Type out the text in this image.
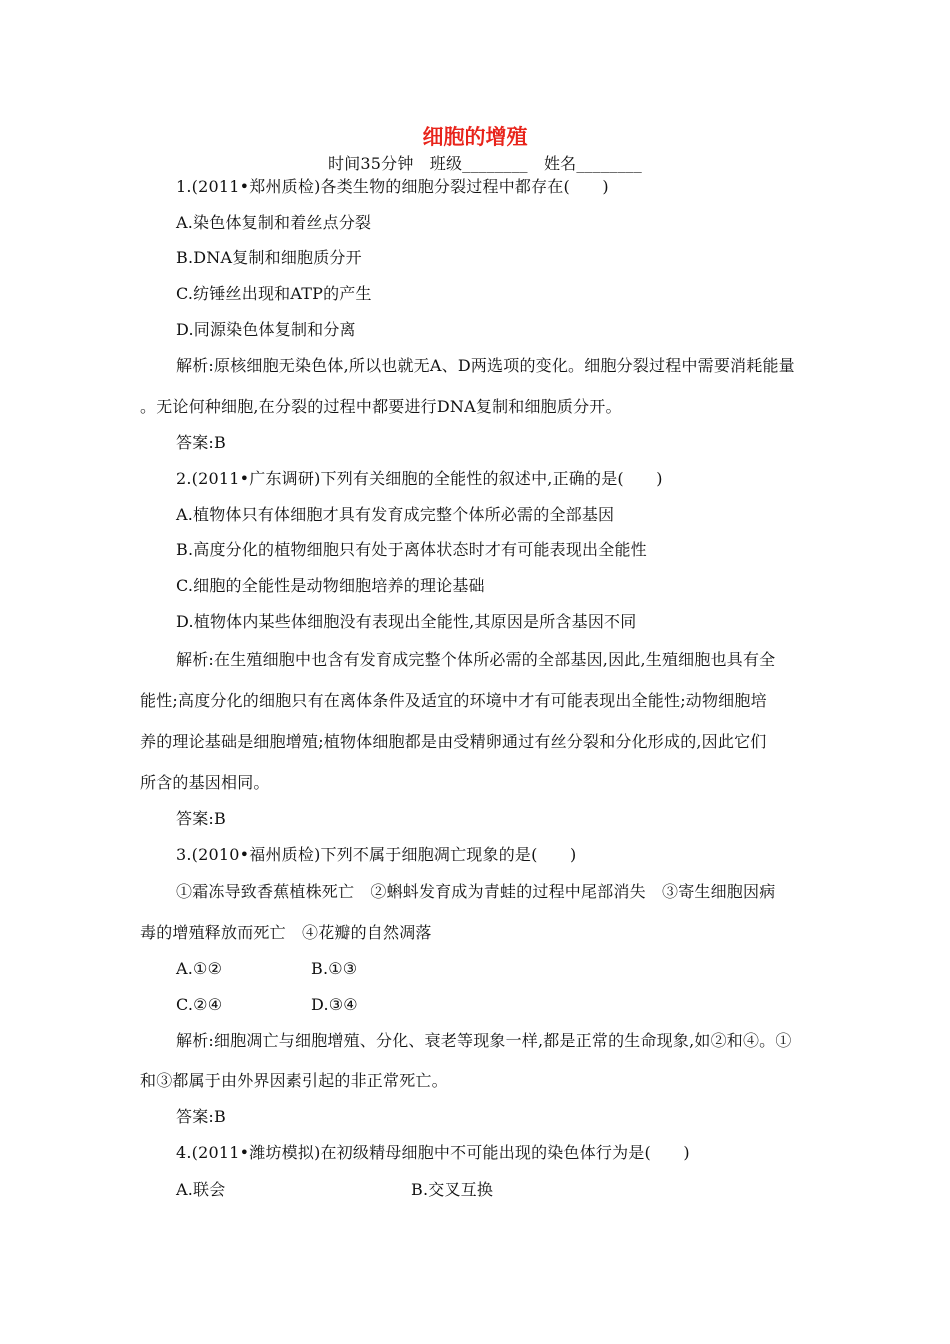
细胞的增殖
时间35分钟　班级________　姓名________
1.(2011•郑州质检)各类生物的细胞分裂过程中都存在(　　)
A.染色体复制和着丝点分裂
B.DNA复制和细胞质分开
C.纺锤丝出现和ATP的产生
D.同源染色体复制和分离
解析:原核细胞无染色体,所以也就无A、D两选项的变化。细胞分裂过程中需要消耗能量
。无论何种细胞,在分裂的过程中都要进行DNA复制和细胞质分开。
答案:B
2.(2011•广东调研)下列有关细胞的全能性的叙述中,正确的是(　　)
A.植物体只有体细胞才具有发育成完整个体所必需的全部基因
B.高度分化的植物细胞只有处于离体状态时才有可能表现出全能性
C.细胞的全能性是动物细胞培养的理论基础
D.植物体内某些体细胞没有表现出全能性,其原因是所含基因不同
解析:在生殖细胞中也含有发育成完整个体所必需的全部基因,因此,生殖细胞也具有全
能性;高度分化的细胞只有在离体条件及适宜的环境中才有可能表现出全能性;动物细胞培
养的理论基础是细胞增殖;植物体细胞都是由受精卵通过有丝分裂和分化形成的,因此它们
所含的基因相同。
答案:B
3.(2010•福州质检)下列不属于细胞凋亡现象的是(　　)
①霜冻导致香蕉植株死亡　②蝌蚪发育成为青蛙的过程中尾部消失　③寄生细胞因病
毒的增殖释放而死亡　④花瓣的自然凋落
A.①②	B.①③
C.②④	D.③④
解析:细胞凋亡与细胞增殖、分化、衰老等现象一样,都是正常的生命现象,如②和④。①
和③都属于由外界因素引起的非正常死亡。
答案:B
4.(2011•潍坊模拟)在初级精母细胞中不可能出现的染色体行为是(　　)
A.联会	B.交叉互换
